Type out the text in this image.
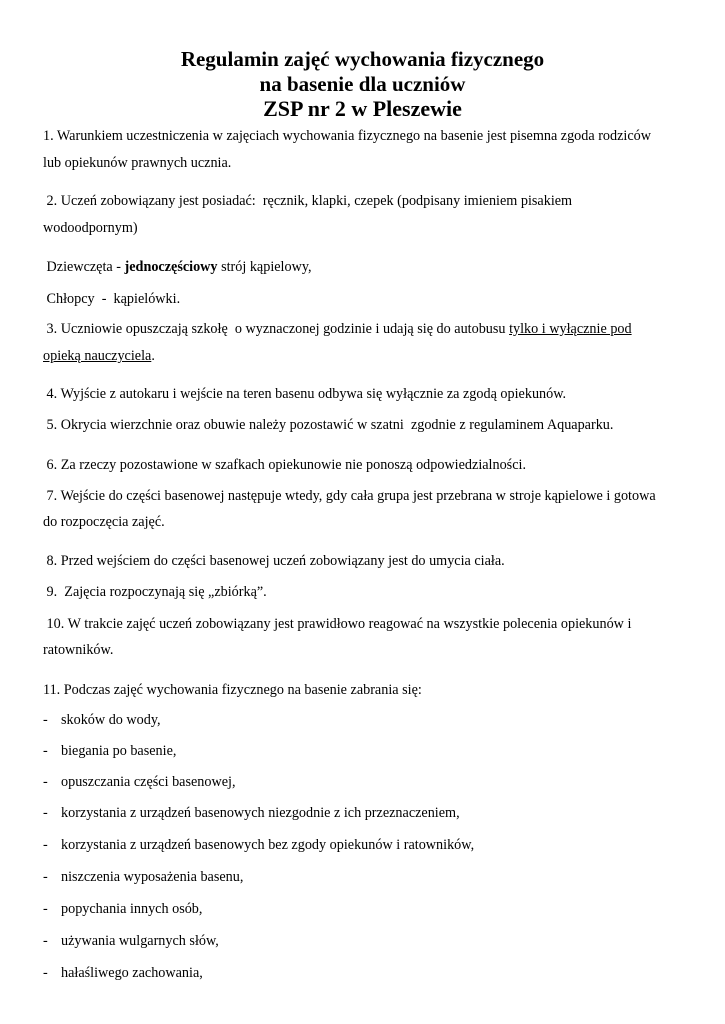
Regulamin zajęć wychowania fizycznego
na basenie dla uczniów
ZSP nr 2 w Pleszewie
1. Warunkiem uczestniczenia w zajęciach wychowania fizycznego na basenie jest pisemna zgoda rodziców
lub opiekunów prawnych ucznia.
2. Uczeń zobowiązany jest posiadać:  ręcznik, klapki, czepek (podpisany imieniem pisakiem
wodoodpornym)
Dziewczęta - jednoczęściowy strój kąpielowy,
Chłopcy  -  kąpielówki.
3. Uczniowie opuszczają szkołę  o wyznaczonej godzinie i udają się do autobusu tylko i wyłącznie pod
opieką nauczyciela.
4. Wyjście z autokaru i wejście na teren basenu odbywa się wyłącznie za zgodą opiekunów.
5. Okrycia wierzchnie oraz obuwie należy pozostawić w szatni  zgodnie z regulaminem Aquaparku.
6. Za rzeczy pozostawione w szafkach opiekunowie nie ponoszą odpowiedzialności.
7. Wejście do części basenowej następuje wtedy, gdy cała grupa jest przebrana w stroje kąpielowe i gotowa
do rozpoczęcia zajęć.
8. Przed wejściem do części basenowej uczeń zobowiązany jest do umycia ciała.
9.  Zajęcia rozpoczynają się „zbiórką”.
10. W trakcie zajęć uczeń zobowiązany jest prawidłowo reagować na wszystkie polecenia opiekunów i
ratowników.
11. Podczas zajęć wychowania fizycznego na basenie zabrania się:
- skoków do wody,
- biegania po basenie,
- opuszczania części basenowej,
- korzystania z urządzeń basenowych niezgodnie z ich przeznaczeniem,
- korzystania z urządzeń basenowych bez zgody opiekunów i ratowników,
- niszczenia wyposażenia basenu,
- popychania innych osób,
- używania wulgarnych słów,
- hałaśliwego zachowania,
